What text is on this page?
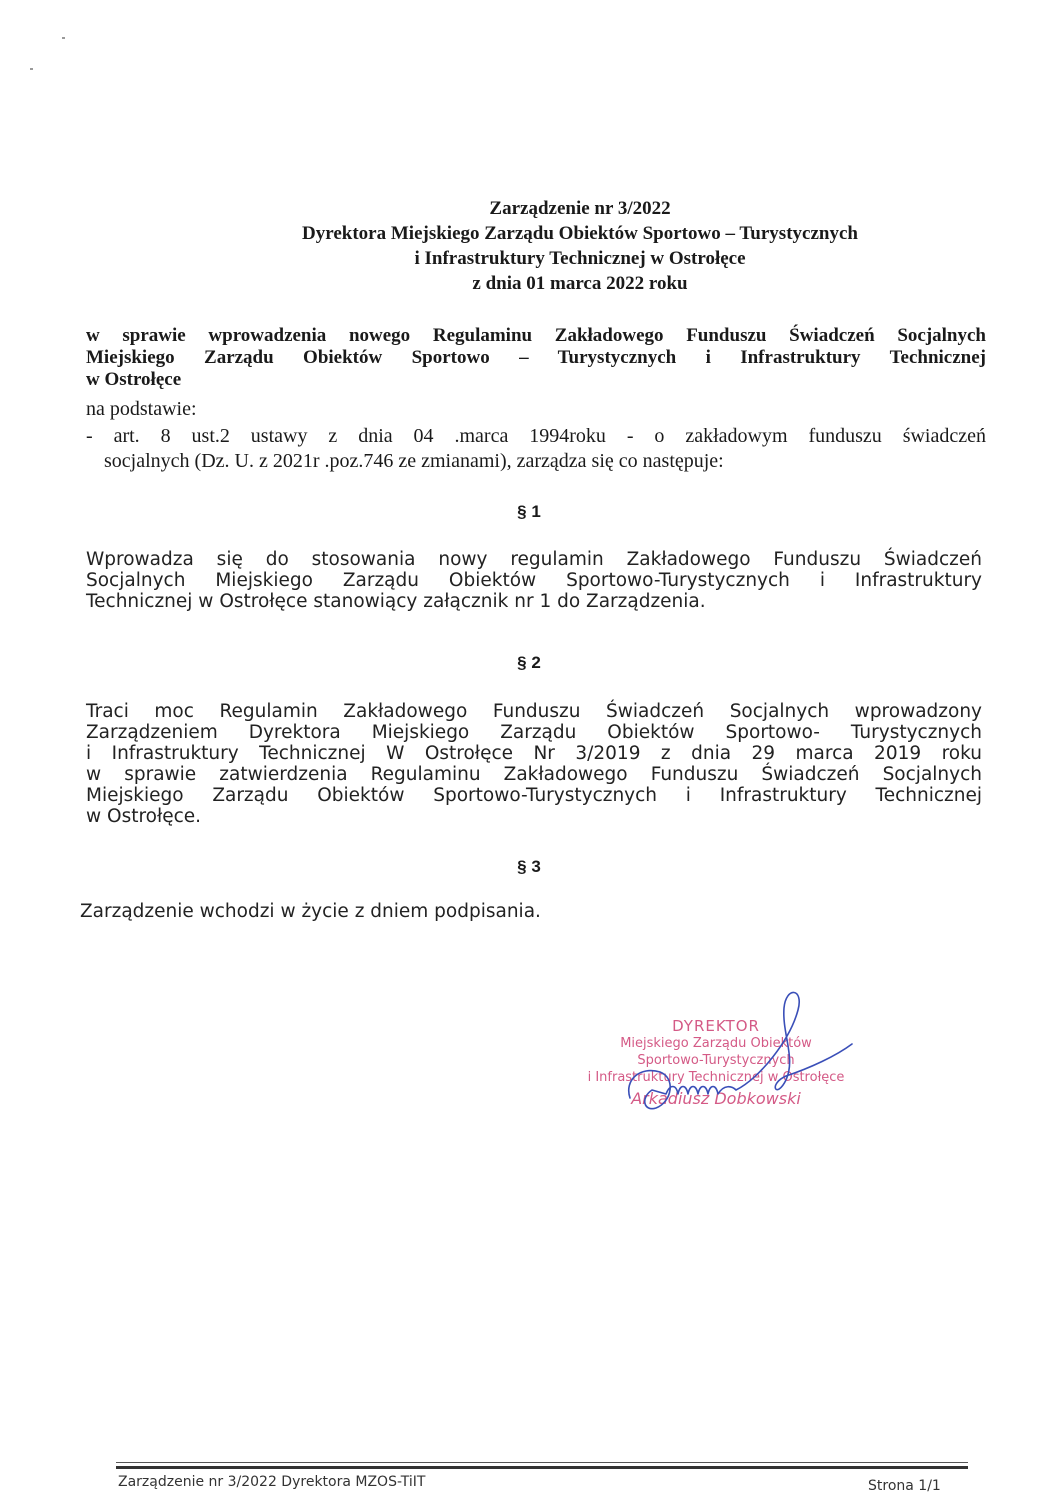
Zarządzenie nr 3/2022
Dyrektora Miejskiego Zarządu Obiektów Sportowo – Turystycznych
i Infrastruktury Technicznej w Ostrołęce
z dnia 01 marca 2022 roku
w sprawie wprowadzenia nowego Regulaminu Zakładowego Funduszu Świadczeń Socjalnych
Miejskiego Zarządu Obiektów Sportowo – Turystycznych i Infrastruktury Technicznej
w Ostrołęce
na podstawie:
- art. 8 ust.2 ustawy z dnia 04 .marca 1994roku - o zakładowym funduszu świadczeń
socjalnych (Dz. U. z 2021r .poz.746 ze zmianami), zarządza się co następuje:
§ 1
Wprowadza się do stosowania nowy regulamin Zakładowego Funduszu Świadczeń
Socjalnych Miejskiego Zarządu Obiektów Sportowo-Turystycznych i Infrastruktury
Technicznej w Ostrołęce stanowiący załącznik nr 1 do Zarządzenia.
§ 2
Traci moc Regulamin Zakładowego Funduszu Świadczeń Socjalnych wprowadzony
Zarządzeniem Dyrektora Miejskiego Zarządu Obiektów Sportowo- Turystycznych
i Infrastruktury Technicznej W Ostrołęce Nr 3/2019 z dnia 29 marca 2019 roku
w sprawie zatwierdzenia Regulaminu Zakładowego Funduszu Świadczeń Socjalnych
Miejskiego Zarządu Obiektów Sportowo-Turystycznych i Infrastruktury Technicznej
w Ostrołęce.
§ 3
Zarządzenie wchodzi w życie z dniem podpisania.
DYREKTOR
Miejskiego Zarządu Obiektów
Sportowo-Turystycznych
i Infrastruktury Technicznej w Ostrołęce
Arkadiusz Dobkowski
Zarządzenie nr 3/2022 Dyrektora MZOS-TiIT	Strona 1/1
